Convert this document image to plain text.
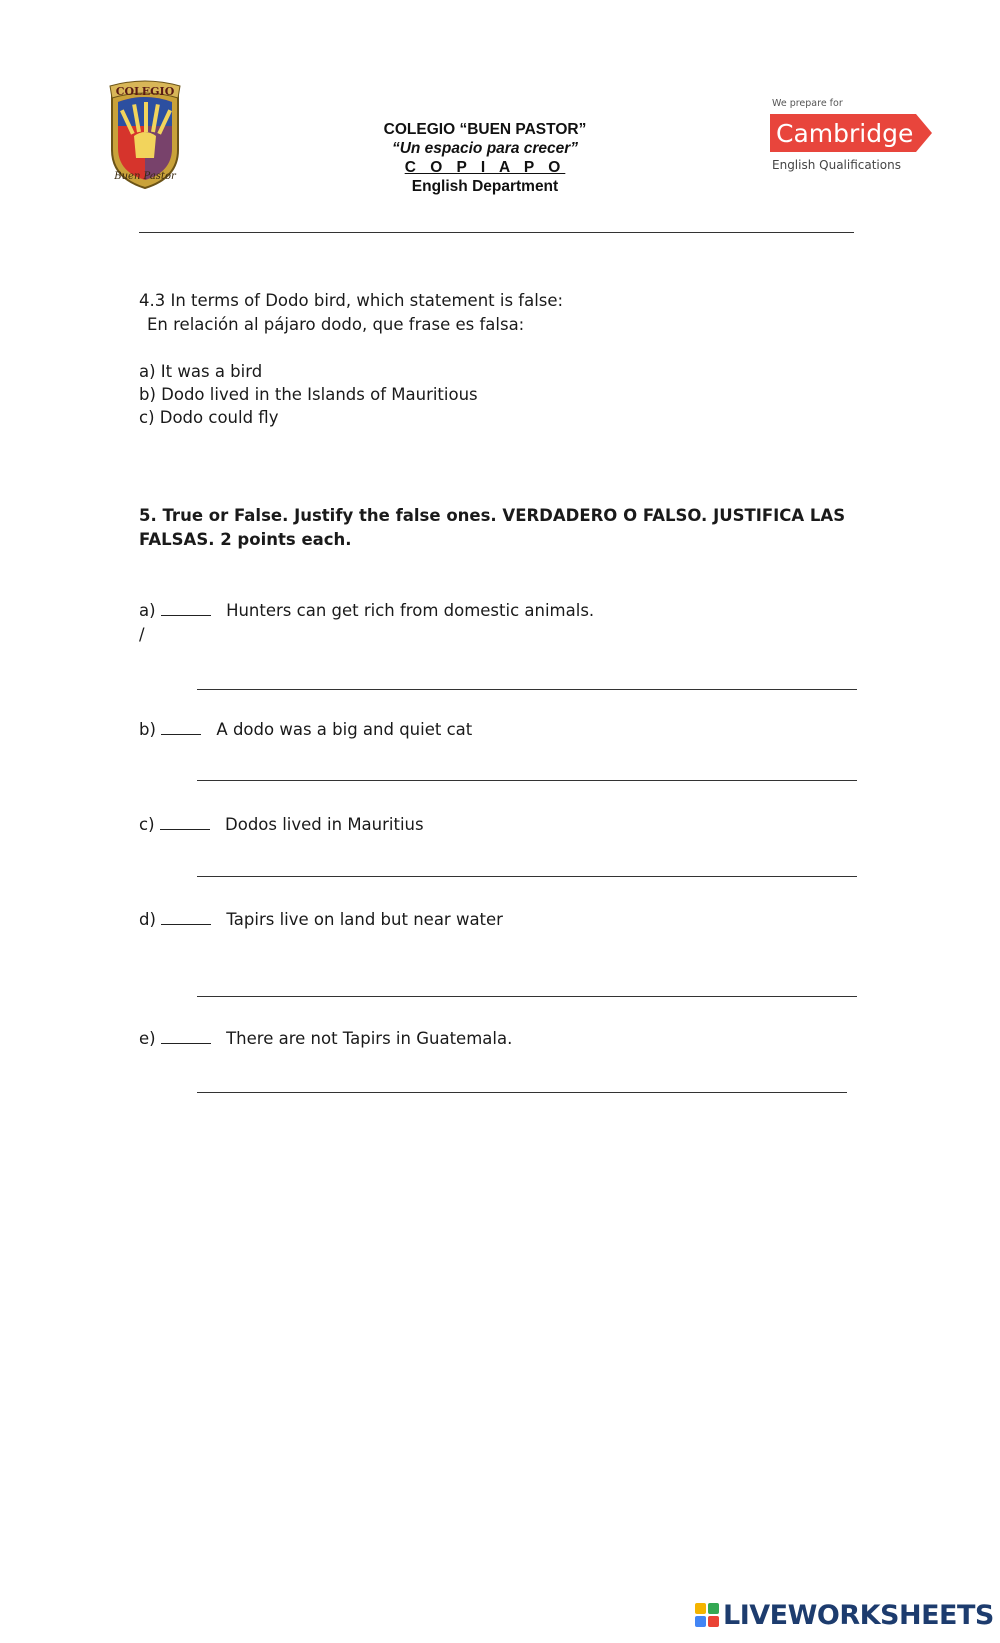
COLEGIO
Buen Pastor
COLEGIO “BUEN PASTOR”
“Un espacio para crecer”
C O P I A P O
English Department
We prepare for
Cambridge
English Qualifications
4.3 In terms of Dodo bird, which statement is false:
En relación al pájaro dodo, que frase es falsa:
a) It was a bird
b) Dodo lived in the Islands of Mauritious
c) Dodo could fly
5. True or False. Justify the false ones. VERDADERO O FALSO. JUSTIFICA LAS FALSAS. 2 points each.
a)	Hunters can get rich from domestic animals.
/
b)	A dodo was a big and quiet cat
c)	Dodos lived in Mauritius
d)	Tapirs live on land but near water
e)	There are not Tapirs in Guatemala.
LIVEWORKSHEETS
